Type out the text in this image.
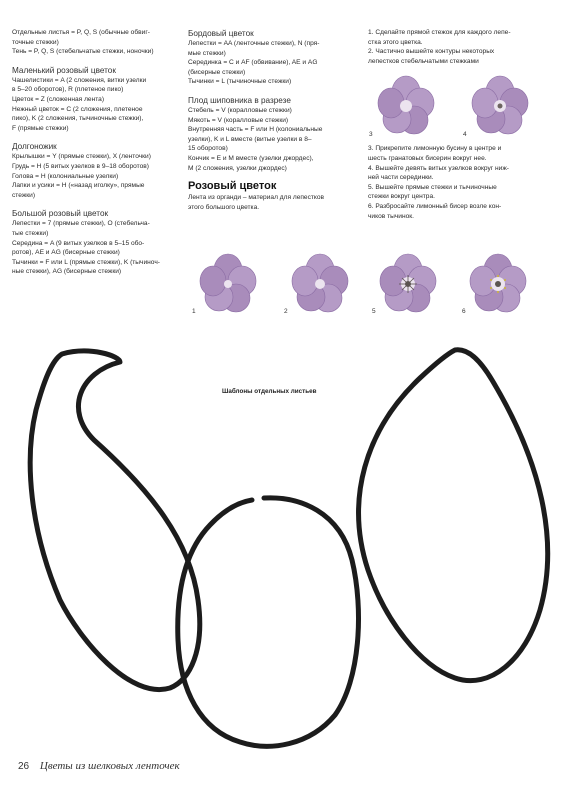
Отдельные листья = P, Q, S (обычные обвиг-
точные стежки)
Тень = P, Q, S (стебельчатые стежки, ноночки)
Маленький розовый цветок
Чашелистики = A (2 сложения, витки узелки
в 5–20 оборотов), R (плетеное пико)
Цветок = Z (сложенная лента)
Нежный цветок = C (2 сложения, плетеное
пико), K (2 сложения, тычиночные стежки),
F (прямые стежки)
Долгоножик
Крылышки = Y (прямые стежки), X (ленточки)
Грудь = H (5 витых узелков в 9–18 оборотов)
Голова = H (колониальные узелки)
Лапки и усики = H («назад иголку», прямые
стежки)
Большой розовый цветок
Лепестки = 7 (прямые стежки), O (стебельча-
тые стежки)
Середина = A (9 витых узелков в 5–15 обо-
ротов), AE и AG (бисерные стежки)
Тычинки = F или L (прямые стежки), K (тычиноч-
ные стежки), AG (бисерные стежки)
Бордовый цветок
Лепестки = AA (ленточные стежки), N (пря-
мые стежки)
Серединка = C и AF (обвивание), AE и AG
(бисерные стежки)
Тычинки = L (тычиночные стежки)
Плод шиповника в разрезе
Стебель = V (коралловые стежки)
Мякоть = V (коралловые стежки)
Внутренняя часть = F или H (колониальные
узелки), K и L вместе (витые узелки в 8–
15 оборотов)
Кончик = E и M вместе (узелки джордес),
M (2 сложения, узелки джордес)
Розовый цветок
Лента из органди – материал для лепестков
этого большого цветка.
1. Сделайте прямой стежок для каждого лепе-
стка этого цветка.
2. Частично вышейте контуры некоторых
лепестков стебельчатыми стежками
3. Прикрепите лимонную бусину в центре и
шесть гранатовых бисерин вокруг нее.
4. Вышейте девять витых узелков вокруг ниж-
ней части серединки.
5. Вышейте прямые стежки и тычиночные
стежки вокруг центра.
6. Разбросайте лимонный бисер возле кон-
чиков тычинок.
3	4
1	2	5	6
Шаблоны отдельных листьев
26 Цветы из шелковых ленточек
